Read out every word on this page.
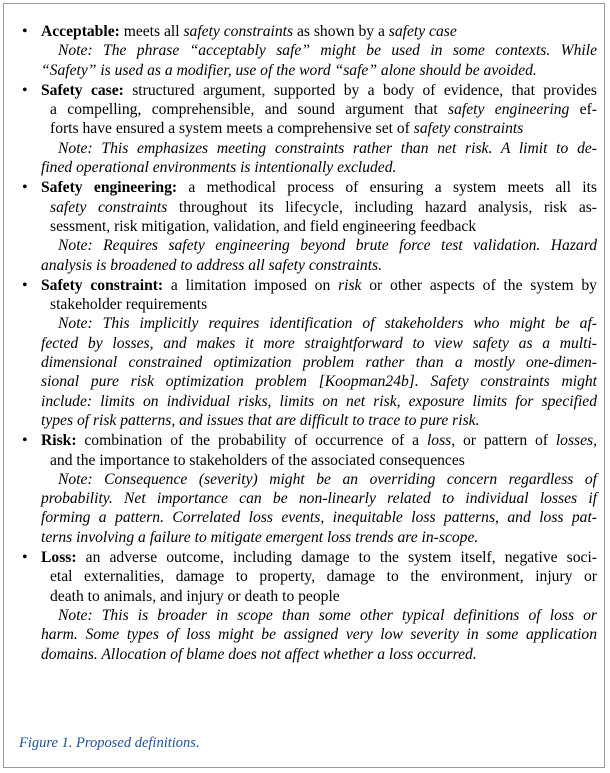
• Acceptable: meets all safety constraints as shown by a safety case
Note: The phrase “acceptably safe” might be used in some contexts. While
“Safety” is used as a modifier, use of the word “safe” alone should be avoided.
• Safety case: structured argument, supported by a body of evidence, that provides
a compelling, comprehensible, and sound argument that safety engineering ef-
forts have ensured a system meets a comprehensive set of safety constraints
Note: This emphasizes meeting constraints rather than net risk. A limit to de-
fined operational environments is intentionally excluded.
• Safety engineering: a methodical process of ensuring a system meets all its
safety constraints throughout its lifecycle, including hazard analysis, risk as-
sessment, risk mitigation, validation, and field engineering feedback
Note: Requires safety engineering beyond brute force test validation. Hazard
analysis is broadened to address all safety constraints.
• Safety constraint: a limitation imposed on risk or other aspects of the system by
stakeholder requirements
Note: This implicitly requires identification of stakeholders who might be af-
fected by losses, and makes it more straightforward to view safety as a multi-
dimensional constrained optimization problem rather than a mostly one-dimen-
sional pure risk optimization problem [Koopman24b]. Safety constraints might
include: limits on individual risks, limits on net risk, exposure limits for specified
types of risk patterns, and issues that are difficult to trace to pure risk.
• Risk: combination of the probability of occurrence of a loss, or pattern of losses,
and the importance to stakeholders of the associated consequences
Note: Consequence (severity) might be an overriding concern regardless of
probability. Net importance can be non-linearly related to individual losses if
forming a pattern. Correlated loss events, inequitable loss patterns, and loss pat-
terns involving a failure to mitigate emergent loss trends are in-scope.
• Loss: an adverse outcome, including damage to the system itself, negative soci-
etal externalities, damage to property, damage to the environment, injury or
death to animals, and injury or death to people
Note: This is broader in scope than some other typical definitions of loss or
harm. Some types of loss might be assigned very low severity in some application
domains. Allocation of blame does not affect whether a loss occurred.
Figure 1. Proposed definitions.
